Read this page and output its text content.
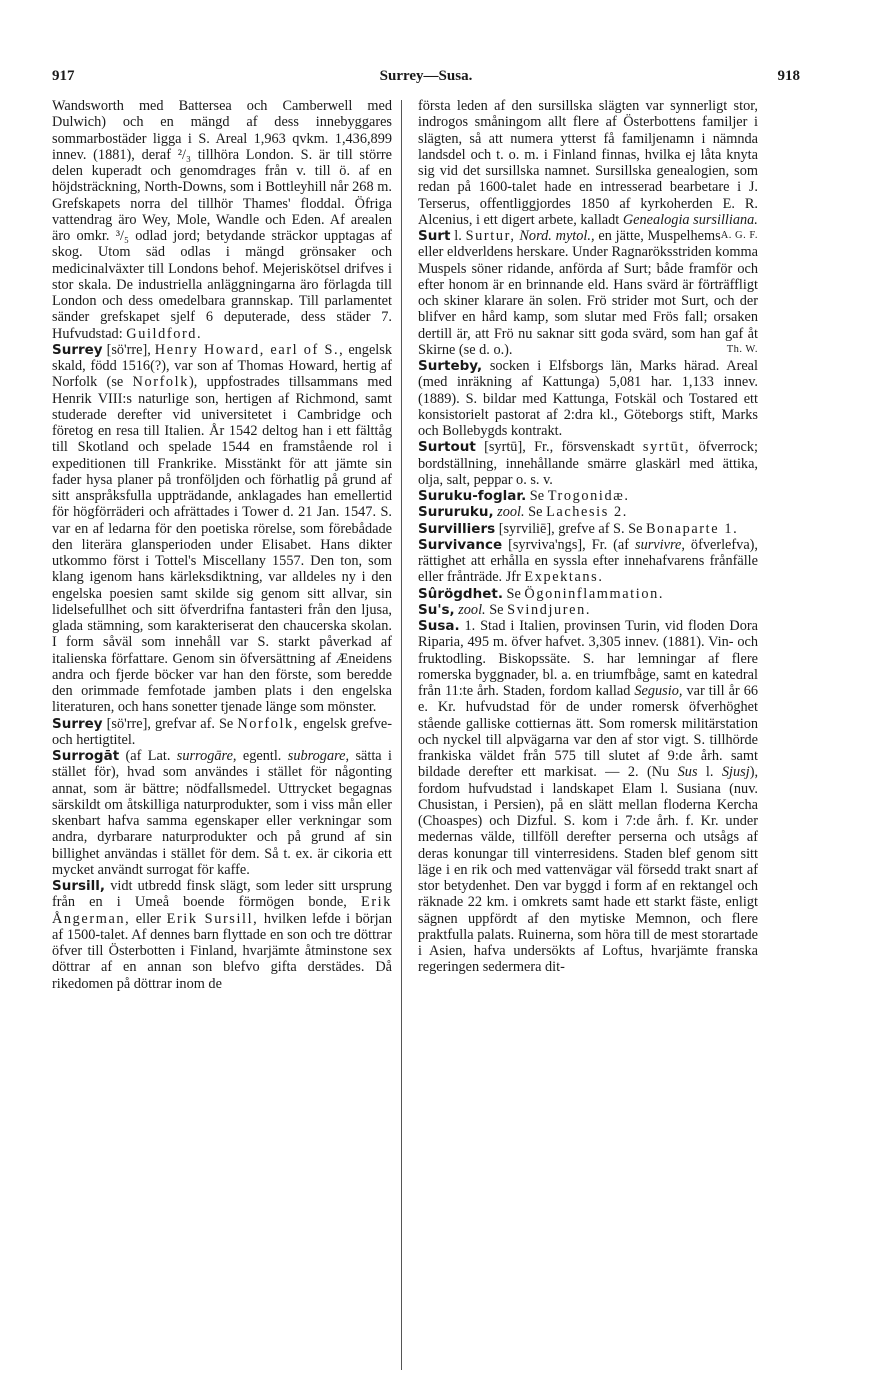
917	Surrey—Susa.	918

Wandsworth med Battersea och Camberwell med Dulwich) och en mängd af dess innebyggares sommarbostäder ligga i S. Areal 1,963 qvkm. 1,436,899 innev. (1881), deraf ²/₃ tillhöra London. S. är till större delen kuperadt och genomdrages från v. till ö. af en höjdsträckning, North-Downs, som i Bottleyhill når 268 m. Grefskapets norra del tillhör Thames' floddal. Öfriga vattendrag äro Wey, Mole, Wandle och Eden. Af arealen äro omkr. ³/₅ odlad jord; betydande sträckor upptagas af skog. Utom säd odlas i mängd grönsaker och medicinalväxter till Londons behof. Mejeriskötsel drifves i stor skala. De industriella anläggningarna äro förlagda till London och dess omedelbara grannskap. Till parlamentet sänder grefskapet sjelf 6 deputerade, dess städer 7. Hufvudstad: Guildford.

Surrey [sö'rre], Henry Howard, earl of S., engelsk skald, född 1516(?), var son af Thomas Howard, hertig af Norfolk (se Norfolk), uppfostrades tillsammans med Henrik VIII:s naturlige son, hertigen af Richmond, samt studerade derefter vid universitetet i Cambridge och företog en resa till Italien. År 1542 deltog han i ett fälttåg till Skotland och spelade 1544 en framstående rol i expeditionen till Frankrike. Misstänkt för att jämte sin fader hysa planer på tronföljden och förhatlig på grund af sitt anspråksfulla uppträdande, anklagades han emellertid för högförräderi och afrättades i Tower d. 21 Jan. 1547. S. var en af ledarna för den poetiska rörelse, som förebådade den literära glansperioden under Elisabet. Hans dikter utkommo först i Tottel's Miscellany 1557. Den ton, som klang igenom hans kärleksdiktning, var alldeles ny i den engelska poesien samt skilde sig genom sitt allvar, sin lidelsefullhet och sitt öfverdrifna fantasteri från den ljusa, glada stämning, som karakteriserat den chaucerska skolan. I form såväl som innehåll var S. starkt påverkad af italienska författare. Genom sin öfversättning af Æneidens andra och fjerde böcker var han den förste, som beredde den orimmade femfotade jamben plats i den engelska literaturen, och hans sonetter tjenade länge som mönster.

Surrey [sö'rre], grefvar af. Se Norfolk, engelsk grefve- och hertigtitel.

Surrogāt (af Lat. surrogāre, egentl. subrogare, sätta i stället för), hvad som användes i stället för någonting annat, som är bättre; nödfallsmedel. Uttrycket begagnas särskildt om åtskilliga naturprodukter, som i viss mån eller skenbart hafva samma egenskaper eller verkningar som andra, dyrbarare naturprodukter och på grund af sin billighet användas i stället för dem. Så t. ex. är cikoria ett mycket användt surrogat för kaffe.

Sursill, vidt utbredd finsk slägt, som leder sitt ursprung från en i Umeå boende förmögen bonde, Erik Ångerman, eller Erik Sursill, hvilken lefde i början af 1500-talet. Af dennes barn flyttade en son och tre döttrar öfver till Österbotten i Finland, hvarjämte åtminstone sex döttrar af en annan son blefvo gifta derstädes. Då rikedomen på döttrar inom de

första leden af den sursillska slägten var synnerligt stor, indrogos småningom allt flere af Österbottens familjer i slägten, så att numera ytterst få familjenamn i nämnda landsdel och t. o. m. i Finland finnas, hvilka ej låta knyta sig vid det sursillska namnet. Sursillska genealogien, som redan på 1600-talet hade en intresserad bearbetare i J. Terserus, offentliggjordes 1850 af kyrkoherden E. R. Alcenius, i ett digert arbete, kalladt Genealogia sursilliana.
A. G. F.

Surt l. Surtur, Nord. mytol., en jätte, Muspelhems eller eldverldens herskare. Under Ragnaröksstriden komma Muspels söner ridande, anförda af Surt; både framför och efter honom är en brinnande eld. Hans svärd är förträffligt och skiner klarare än solen. Frö strider mot Surt, och der blifver en hård kamp, som slutar med Frös fall; orsaken dertill är, att Frö nu saknar sitt goda svärd, som han gaf åt Skirne (se d. o.).	Th. W.

Surteby, socken i Elfsborgs län, Marks härad. Areal (med inräkning af Kattunga) 5,081 har. 1,133 innev. (1889). S. bildar med Kattunga, Fotskäl och Tostared ett konsistorielt pastorat af 2:dra kl., Göteborgs stift, Marks och Bollebygds kontrakt.

Surtout [syrtū], Fr., försvenskadt syrtūt, öfverrock; bordställning, innehållande smärre glaskärl med ättika, olja, salt, peppar o. s. v.

Suruku-foglar. Se Trogonidæ.

Sururuku, zool. Se Lachesis 2.

Survilliers [syrviliē], grefve af S. Se Bonaparte 1.

Survivance [syrviva'ngs], Fr. (af survivre, öfverlefva), rättighet att erhålla en syssla efter innehafvarens frånfälle eller frånträde. Jfr Expektans.

Sûrögdhet. Se Ögoninflammation.

Su's, zool. Se Svindjuren.

Susa. 1. Stad i Italien, provinsen Turin, vid floden Dora Riparia, 495 m. öfver hafvet. 3,305 innev. (1881). Vin- och fruktodling. Biskopssäte. S. har lemningar af flere romerska byggnader, bl. a. en triumfbåge, samt en katedral från 11:te årh. Staden, fordom kallad Segusio, var till år 66 e. Kr. hufvudstad för de under romersk öfverhöghet stående galliske cottiernas ätt. Som romersk militärstation och nyckel till alpvägarna var den af stor vigt. S. tillhörde frankiska väldet från 575 till slutet af 9:de årh. samt bildade derefter ett markisat. — 2. (Nu Sus l. Sjusj), fordom hufvudstad i landskapet Elam l. Susiana (nuv. Chusistan, i Persien), på en slätt mellan floderna Kercha (Choaspes) och Dizful. S. kom i 7:de årh. f. Kr. under medernas välde, tillföll derefter perserna och utsågs af deras konungar till vinterresidens. Staden blef genom sitt läge i en rik och med vattenvägar väl försedd trakt snart af stor betydenhet. Den var byggd i form af en rektangel och räknade 22 km. i omkrets samt hade ett starkt fäste, enligt sägnen uppfördt af den mytiske Memnon, och flere praktfulla palats. Ruinerna, som höra till de mest storartade i Asien, hafva undersökts af Loftus, hvarjämte franska regeringen sedermera dit-
